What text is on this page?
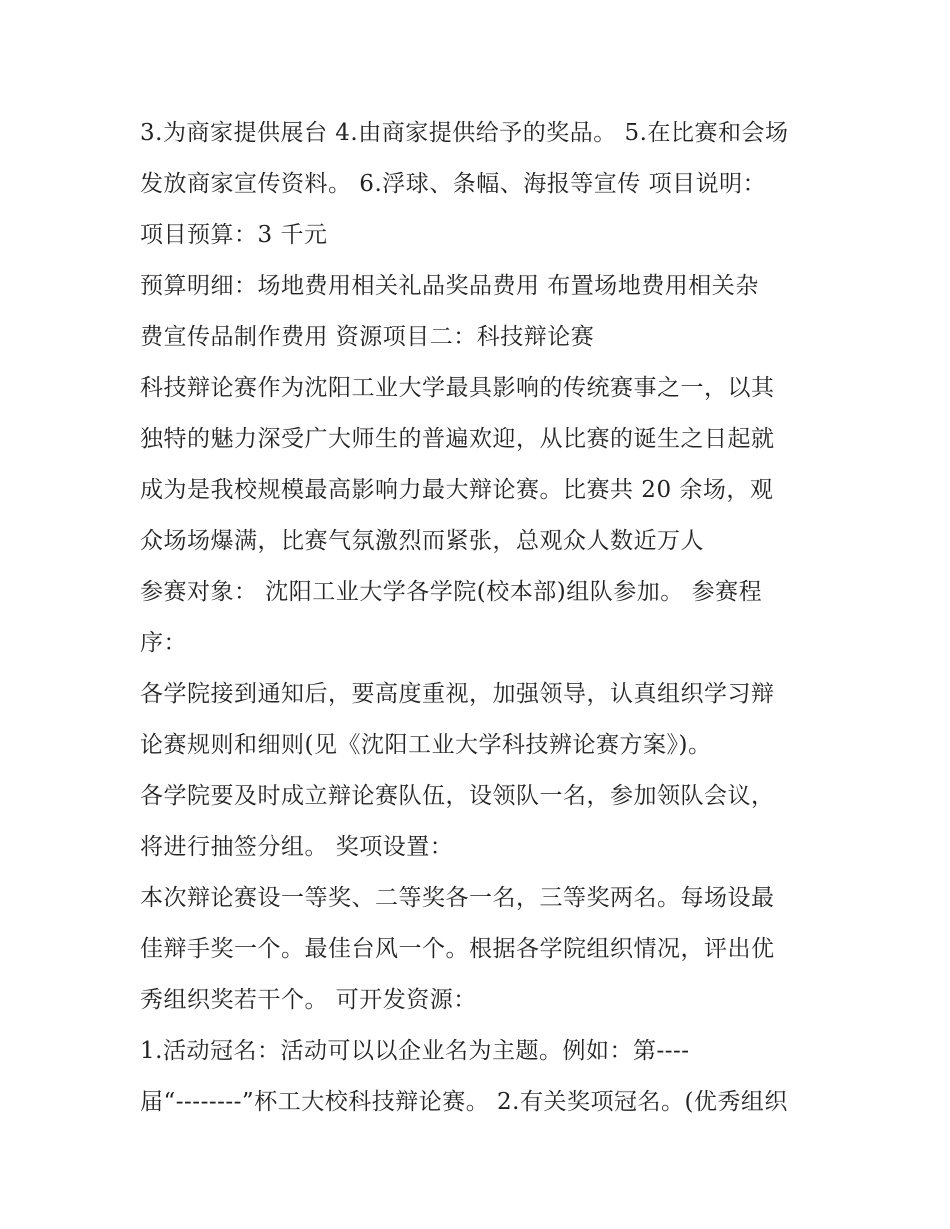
3.为商家提供展台 4.由商家提供给予的奖品。 5.在比赛和会场
发放商家宣传资料。 6.浮球、条幅、海报等宣传 项目说明：
项目预算：3 千元
预算明细：场地费用相关礼品奖品费用 布置场地费用相关杂
费宣传品制作费用 资源项目二：科技辩论赛
科技辩论赛作为沈阳工业大学最具影响的传统赛事之一，以其
独特的魅力深受广大师生的普遍欢迎，从比赛的诞生之日起就
成为是我校规模最高影响力最大辩论赛。比赛共 20 余场，观
众场场爆满，比赛气氛激烈而紧张，总观众人数近万人
参赛对象： 沈阳工业大学各学院(校本部)组队参加。 参赛程
序：
各学院接到通知后，要高度重视，加强领导，认真组织学习辩
论赛规则和细则(见《沈阳工业大学科技辨论赛方案》)。
各学院要及时成立辩论赛队伍，设领队一名，参加领队会议，
将进行抽签分组。 奖项设置：
本次辩论赛设一等奖、二等奖各一名，三等奖两名。每场设最
佳辩手奖一个。最佳台风一个。根据各学院组织情况，评出优
秀组织奖若干个。 可开发资源：
1.活动冠名：活动可以以企业名为主题。例如：第----
届“--------”杯工大校科技辩论赛。 2.有关奖项冠名。(优秀组织
